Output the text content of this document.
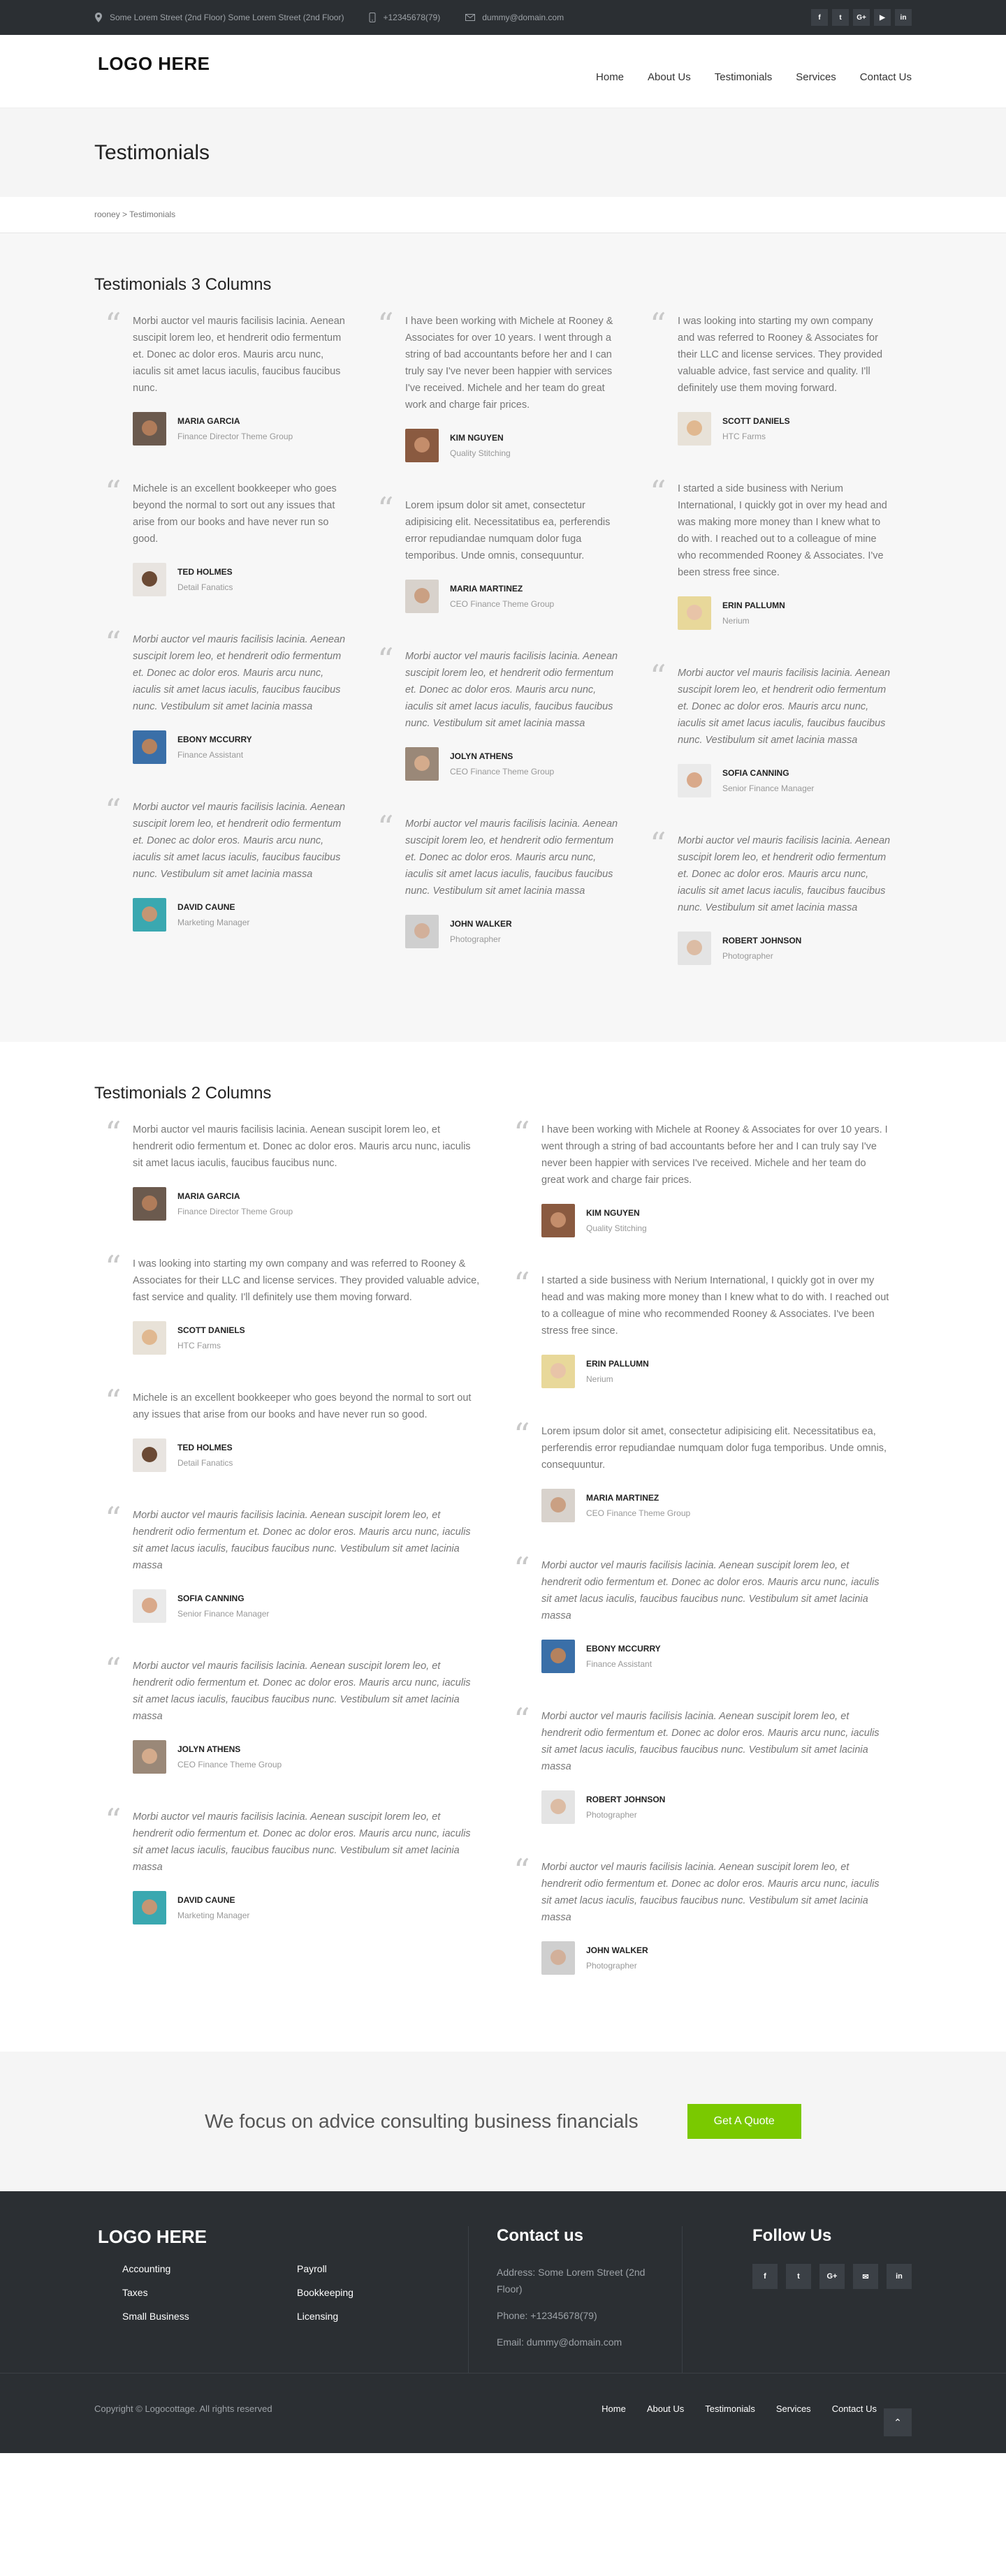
Some Lorem Street (2nd Floor) Some Lorem Street (2nd Floor)	+12345678(79)	dummy@domain.com	f	t	G+	▶	in
LOGO HERE
Home About Us Testimonials Services Contact Us
Testimonials
rooney > Testimonials
Testimonials 3 Columns
“ Morbi auctor vel mauris facilisis lacinia. Aenean suscipit lorem leo, et hendrerit odio fermentum et. Donec ac dolor eros. Mauris arcu nunc, iaculis sit amet lacus iaculis, faucibus faucibus nunc.

MARIA GARCIA
Finance Director Theme Group
“ Michele is an excellent bookkeeper who goes beyond the normal to sort out any issues that arise from our books and have never run so good.

TED HOLMES
Detail Fanatics
“ Morbi auctor vel mauris facilisis lacinia. Aenean suscipit lorem leo, et hendrerit odio fermentum et. Donec ac dolor eros. Mauris arcu nunc, iaculis sit amet lacus iaculis, faucibus faucibus nunc. Vestibulum sit amet lacinia massa

EBONY MCCURRY
Finance Assistant
“ Morbi auctor vel mauris facilisis lacinia. Aenean suscipit lorem leo, et hendrerit odio fermentum et. Donec ac dolor eros. Mauris arcu nunc, iaculis sit amet lacus iaculis, faucibus faucibus nunc. Vestibulum sit amet lacinia massa

DAVID CAUNE
Marketing Manager
“ I have been working with Michele at Rooney & Associates for over 10 years. I went through a string of bad accountants before her and I can truly say I've never been happier with services I've received. Michele and her team do great work and charge fair prices.

KIM NGUYEN
Quality Stitching
“ Lorem ipsum dolor sit amet, consectetur adipisicing elit. Necessitatibus ea, perferendis error repudiandae numquam dolor fuga temporibus. Unde omnis, consequuntur.

MARIA MARTINEZ
CEO Finance Theme Group
“ Morbi auctor vel mauris facilisis lacinia. Aenean suscipit lorem leo, et hendrerit odio fermentum et. Donec ac dolor eros. Mauris arcu nunc, iaculis sit amet lacus iaculis, faucibus faucibus nunc. Vestibulum sit amet lacinia massa

JOLYN ATHENS
CEO Finance Theme Group
“ Morbi auctor vel mauris facilisis lacinia. Aenean suscipit lorem leo, et hendrerit odio fermentum et. Donec ac dolor eros. Mauris arcu nunc, iaculis sit amet lacus iaculis, faucibus faucibus nunc. Vestibulum sit amet lacinia massa

JOHN WALKER
Photographer
“ I was looking into starting my own company and was referred to Rooney & Associates for their LLC and license services. They provided valuable advice, fast service and quality. I'll definitely use them moving forward.

SCOTT DANIELS
HTC Farms
“ I started a side business with Nerium International, I quickly got in over my head and was making more money than I knew what to do with. I reached out to a colleague of mine who recommended Rooney & Associates. I've been stress free since.

ERIN PALLUMN
Nerium
“ Morbi auctor vel mauris facilisis lacinia. Aenean suscipit lorem leo, et hendrerit odio fermentum et. Donec ac dolor eros. Mauris arcu nunc, iaculis sit amet lacus iaculis, faucibus faucibus nunc. Vestibulum sit amet lacinia massa

SOFIA CANNING
Senior Finance Manager
“ Morbi auctor vel mauris facilisis lacinia. Aenean suscipit lorem leo, et hendrerit odio fermentum et. Donec ac dolor eros. Mauris arcu nunc, iaculis sit amet lacus iaculis, faucibus faucibus nunc. Vestibulum sit amet lacinia massa

ROBERT JOHNSON
Photographer
Testimonials 2 Columns
“ Morbi auctor vel mauris facilisis lacinia. Aenean suscipit lorem leo, et hendrerit odio fermentum et. Donec ac dolor eros. Mauris arcu nunc, iaculis sit amet lacus iaculis, faucibus faucibus nunc.

MARIA GARCIA
Finance Director Theme Group
“ I was looking into starting my own company and was referred to Rooney & Associates for their LLC and license services. They provided valuable advice, fast service and quality. I'll definitely use them moving forward.

SCOTT DANIELS
HTC Farms
“ Michele is an excellent bookkeeper who goes beyond the normal to sort out any issues that arise from our books and have never run so good.

TED HOLMES
Detail Fanatics
“ Morbi auctor vel mauris facilisis lacinia. Aenean suscipit lorem leo, et hendrerit odio fermentum et. Donec ac dolor eros. Mauris arcu nunc, iaculis sit amet lacus iaculis, faucibus faucibus nunc. Vestibulum sit amet lacinia massa

SOFIA CANNING
Senior Finance Manager
“ Morbi auctor vel mauris facilisis lacinia. Aenean suscipit lorem leo, et hendrerit odio fermentum et. Donec ac dolor eros. Mauris arcu nunc, iaculis sit amet lacus iaculis, faucibus faucibus nunc. Vestibulum sit amet lacinia massa

JOLYN ATHENS
CEO Finance Theme Group
“ Morbi auctor vel mauris facilisis lacinia. Aenean suscipit lorem leo, et hendrerit odio fermentum et. Donec ac dolor eros. Mauris arcu nunc, iaculis sit amet lacus iaculis, faucibus faucibus nunc. Vestibulum sit amet lacinia massa

DAVID CAUNE
Marketing Manager
“ I have been working with Michele at Rooney & Associates for over 10 years. I went through a string of bad accountants before her and I can truly say I've never been happier with services I've received. Michele and her team do great work and charge fair prices.

KIM NGUYEN
Quality Stitching
“ I started a side business with Nerium International, I quickly got in over my head and was making more money than I knew what to do with. I reached out to a colleague of mine who recommended Rooney & Associates. I've been stress free since.

ERIN PALLUMN
Nerium
“ Lorem ipsum dolor sit amet, consectetur adipisicing elit. Necessitatibus ea, perferendis error repudiandae numquam dolor fuga temporibus. Unde omnis, consequuntur.

MARIA MARTINEZ
CEO Finance Theme Group
“ Morbi auctor vel mauris facilisis lacinia. Aenean suscipit lorem leo, et hendrerit odio fermentum et. Donec ac dolor eros. Mauris arcu nunc, iaculis sit amet lacus iaculis, faucibus faucibus nunc. Vestibulum sit amet lacinia massa

EBONY MCCURRY
Finance Assistant
“ Morbi auctor vel mauris facilisis lacinia. Aenean suscipit lorem leo, et hendrerit odio fermentum et. Donec ac dolor eros. Mauris arcu nunc, iaculis sit amet lacus iaculis, faucibus faucibus nunc. Vestibulum sit amet lacinia massa

ROBERT JOHNSON
Photographer
“ Morbi auctor vel mauris facilisis lacinia. Aenean suscipit lorem leo, et hendrerit odio fermentum et. Donec ac dolor eros. Mauris arcu nunc, iaculis sit amet lacus iaculis, faucibus faucibus nunc. Vestibulum sit amet lacinia massa

JOHN WALKER
Photographer
We focus on advice consulting business financials	Get A Quote
LOGO HERE
Accounting	Payroll
Taxes	Bookkeeping
Small Business	Licensing
Contact us
Address: Some Lorem Street (2nd Floor)
Phone: +12345678(79)
Email: dummy@domain.com
Follow Us
f	t	G+	✉	in
Copyright © Logocottage. All rights reserved	Home About Us Testimonials Services Contact Us
⌃
